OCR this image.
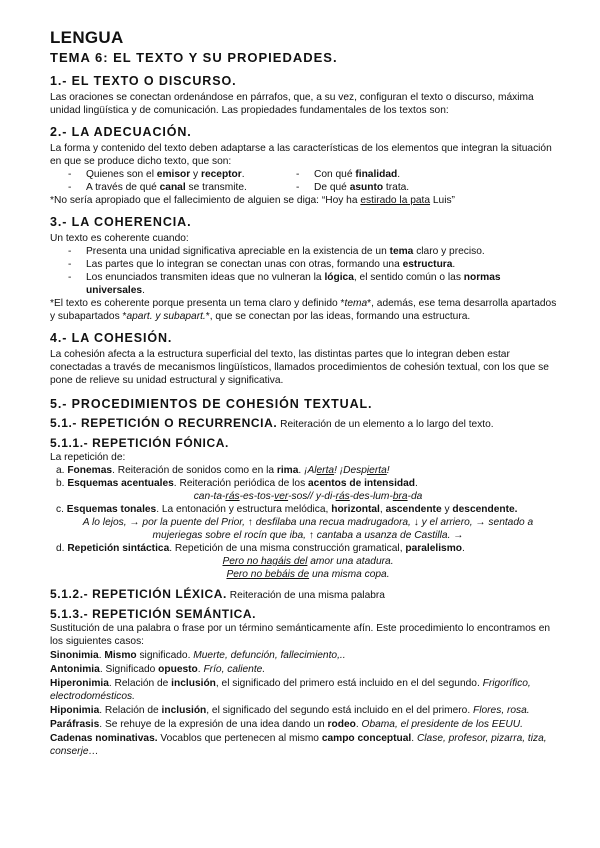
LENGUA
TEMA 6: EL TEXTO Y SU PROPIEDADES.
1.- EL TEXTO O DISCURSO.

Las oraciones se conectan ordenándose en párrafos, que, a su vez, configuran el texto o discurso, máxima unidad lingüística y de comunicación. Las propiedades fundamentales de los textos son:

2.- LA ADECUACIÓN.

La forma y contenido del texto deben adaptarse a las características de los elementos que integran la situación en que se produce dicho texto, que son:

- Quienes son el emisor y receptor.	- Con qué finalidad.
- A través de qué canal se transmite.	- De qué asunto trata.

*No sería apropiado que el fallecimiento de alguien se diga: “Hoy ha estirado la pata Luis”

3.- LA COHERENCIA.

Un texto es coherente cuando:

- Presenta una unidad significativa apreciable en la existencia de un tema claro y preciso.
- Las partes que lo integran se conectan unas con otras, formando una estructura.
- Los enunciados transmiten ideas que no vulneran la lógica, el sentido común o las normas universales.

*El texto es coherente porque presenta un tema claro y definido *tema*, además, ese tema desarrolla apartados y subapartados *apart. y subapart.*, que se conectan por las ideas, formando una estructura.

4.- LA COHESIÓN.

La cohesión afecta a la estructura superficial del texto, las distintas partes que lo integran deben estar conectadas a través de mecanismos lingüísticos, llamados procedimientos de cohesión textual, con los que se pone de relieve su unidad estructural y significativa.

5.- PROCEDIMIENTOS DE COHESIÓN TEXTUAL.
5.1.- REPETICIÓN O RECURRENCIA. Reiteración de un elemento a lo largo del texto.
5.1.1.- REPETICIÓN FÓNICA.

La repetición de:

a. Fonemas. Reiteración de sonidos como en la rima. ¡Alerta! ¡Despierta!
b. Esquemas acentuales. Reiteración periódica de los acentos de intensidad.
can-ta-rás-es-tos-ver-sos// y-di-rás-des-lum-bra-da
c. Esquemas tonales. La entonación y estructura melódica, horizontal, ascendente y descendente.
A lo lejos, → por la puente del Prior, ↑ desfilaba una recua madrugadora, ↓ y el arriero, → sentado a mujeriegas sobre el rocín que iba, ↑ cantaba a usanza de Castilla. →
d. Repetición sintáctica. Repetición de una misma construcción gramatical, paralelismo.
Pero no hagáis del amor una atadura.
Pero no bebáis de una misma copa.
5.1.2.- REPETICIÓN LÉXICA. Reiteración de una misma palabra
5.1.3.- REPETICIÓN SEMÁNTICA.

Sustitución de una palabra o frase por un término semánticamente afín. Este procedimiento lo encontramos en los siguientes casos:

Sinonimia. Mismo significado. Muerte, defunción, fallecimiento,..
Antonimia. Significado opuesto. Frío, caliente.
Hiperonimia. Relación de inclusión, el significado del primero está incluido en el del segundo. Frigorífico, electrodomésticos.
Hiponimia. Relación de inclusión, el significado del segundo está incluido en el del primero. Flores, rosa.
Paráfrasis. Se rehuye de la expresión de una idea dando un rodeo. Obama, el presidente de los EEUU.
Cadenas nominativas. Vocablos que pertenecen al mismo campo conceptual. Clase, profesor, pizarra, tiza, conserje…
